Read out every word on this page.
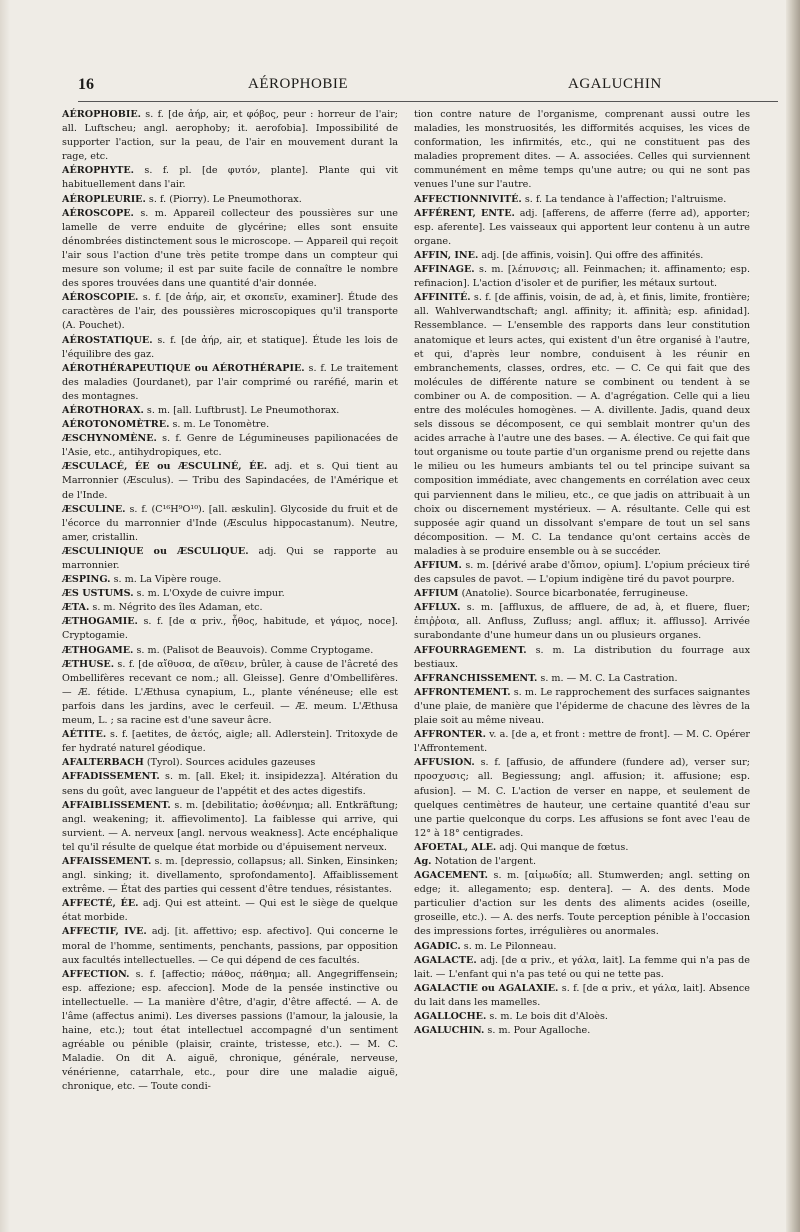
16	AÉROPHOBIE	AGALUCHIN

AÉROPHOBIE. s. f. [de ἀήρ, air, et φόβος, peur : horreur de l'air; all. Luftscheu; angl. aerophoby; it. aerofobia]. Impossibilité de supporter l'action, sur la peau, de l'air en mouvement durant la rage, etc.

AÉROPHYTE. s. f. pl. [de φυτόν, plante]. Plante qui vit habituellement dans l'air.

AÉROPLEURIE. s. f. (Piorry). Le Pneumothorax.

AÉROSCOPE. s. m. Appareil collecteur des poussières sur une lamelle de verre enduite de glycérine; elles sont ensuite dénombrées distinctement sous le microscope. — Appareil qui reçoit l'air sous l'action d'une très petite trompe dans un compteur qui mesure son volume; il est par suite facile de connaître le nombre des spores trouvées dans une quantité d'air donnée.

AÉROSCOPIE. s. f. [de ἀήρ, air, et σκοπεῖν, examiner]. Étude des caractères de l'air, des poussières microscopiques qu'il transporte (A. Pouchet).

AÉROSTATIQUE. s. f. [de ἀήρ, air, et statique]. Étude les lois de l'équilibre des gaz.

AÉROTHÉRAPEUTIQUE ou AÉROTHÉRAPIE. s. f. Le traitement des maladies (Jourdanet), par l'air comprimé ou raréfié, marin et des montagnes.

AÉROTHORAX. s. m. [all. Luftbrust]. Le Pneumothorax.

AÉROTONOMÈTRE. s. m. Le Tonomètre.

ÆSCHYNOMÈNE. s. f. Genre de Légumineuses papilionacées de l'Asie, etc., antihydropiques, etc.

ÆSCULACÉ, ÉE ou ÆSCULINÉ, ÉE. adj. et s. Qui tient au Marronnier (Æsculus). — Tribu des Sapindacées, de l'Amérique et de l'Inde.

ÆSCULINE. s. f. (C¹⁶H⁹O¹⁰). [all. æskulin]. Glycoside du fruit et de l'écorce du marronnier d'Inde (Æsculus hippocastanum). Neutre, amer, cristallin.

ÆSCULINIQUE ou ÆSCULIQUE. adj. Qui se rapporte au marronnier.

ÆSPING. s. m. La Vipère rouge.

ÆS USTUMS. s. m. L'Oxyde de cuivre impur.

ÆTA. s. m. Négrito des îles Adaman, etc.

ÆTHOGAMIE. s. f. [de α priv., ἦθος, habitude, et γάμος, noce]. Cryptogamie.

ÆTHOGAME. s. m. (Palisot de Beauvois). Comme Cryptogame.

ÆTHUSE. s. f. [de αἴθυσα, de αἴθειν, brûler, à cause de l'âcreté des Ombellifères recevant ce nom.; all. Gleisse]. Genre d'Ombellifères. — Æ. fétide. L'Æthusa cynapium, L., plante vénéneuse; elle est parfois dans les jardins, avec le cerfeuil. — Æ. meum. L'Æthusa meum, L. ; sa racine est d'une saveur âcre.

AÉTITE. s. f. [aetites, de ἀετός, aigle; all. Adlerstein]. Tritoxyde de fer hydraté naturel géodique.

AFALTERBACH (Tyrol). Sources acidules gazeuses

AFFADISSEMENT. s. m. [all. Ekel; it. insipidezza]. Altération du sens du goût, avec langueur de l'appétit et des actes digestifs.

AFFAIBLISSEMENT. s. m. [debilitatio; ἀσθένημα; all. Entkräftung; angl. weakening; it. affievolimento]. La faiblesse qui arrive, qui survient. — A. nerveux [angl. nervous weakness]. Acte encéphalique tel qu'il résulte de quelque état morbide ou d'épuisement nerveux.

AFFAISSEMENT. s. m. [depressio, collapsus; all. Sinken, Einsinken; angl. sinking; it. divellamento, sprofondamento]. Affaiblissement extrême. — État des parties qui cessent d'être tendues, résistantes.

AFFECTÉ, ÉE. adj. Qui est atteint. — Qui est le siège de quelque état morbide.

AFFECTIF, IVE. adj. [it. affettivo; esp. afectivo]. Qui concerne le moral de l'homme, sentiments, penchants, passions, par opposition aux facultés intellectuelles. — Ce qui dépend de ces facultés.

AFFECTION. s. f. [affectio; πάθος, πάθημα; all. Angegriffensein; esp. affezione; esp. afeccion]. Mode de la pensée instinctive ou intellectuelle. — La manière d'être, d'agir, d'être affecté. — A. de l'âme (affectus animi). Les diverses passions (l'amour, la jalousie, la haine, etc.); tout état intellectuel accompagné d'un sentiment agréable ou pénible (plaisir, crainte, tristesse, etc.). — M. C. Maladie. On dit A. aiguë, chronique, générale, nerveuse, vénérienne, catarrhale, etc., pour dire une maladie aiguë, chronique, etc. — Toute condi-

tion contre nature de l'organisme, comprenant aussi outre les maladies, les monstruosités, les difformités acquises, les vices de conformation, les infirmités, etc., qui ne constituent pas des maladies proprement dites. — A. associées. Celles qui surviennent communément en même temps qu'une autre; ou qui ne sont pas venues l'une sur l'autre.

AFFECTIONNIVITÉ. s. f. La tendance à l'affection; l'altruisme.

AFFÉRENT, ENTE. adj. [afferens, de afferre (ferre ad), apporter; esp. aferente]. Les vaisseaux qui apportent leur contenu à un autre organe.

AFFIN, INE. adj. [de affinis, voisin]. Qui offre des affinités.

AFFINAGE. s. m. [λέπυνσις; all. Feinmachen; it. affinamento; esp. refinacion]. L'action d'isoler et de purifier, les métaux surtout.

AFFINITÉ. s. f. [de affinis, voisin, de ad, à, et finis, limite, frontière; all. Wahlverwandtschaft; angl. affinity; it. affinità; esp. afinidad]. Ressemblance. — L'ensemble des rapports dans leur constitution anatomique et leurs actes, qui existent d'un être organisé à l'autre, et qui, d'après leur nombre, conduisent à les réunir en embranchements, classes, ordres, etc. — C. Ce qui fait que des molécules de différente nature se combinent ou tendent à se combiner ou A. de composition. — A. d'agrégation. Celle qui a lieu entre des molécules homogènes. — A. divillente. Jadis, quand deux sels dissous se décomposent, ce qui semblait montrer qu'un des acides arrache à l'autre une des bases. — A. élective. Ce qui fait que tout organisme ou toute partie d'un organisme prend ou rejette dans le milieu ou les humeurs ambiants tel ou tel principe suivant sa composition immédiate, avec changements en corrélation avec ceux qui parviennent dans le milieu, etc., ce que jadis on attribuait à un choix ou discernement mystérieux. — A. résultante. Celle qui est supposée agir quand un dissolvant s'empare de tout un sel sans décomposition. — M. C. La tendance qu'ont certains accès de maladies à se produire ensemble ou à se succéder.

AFFIUM. s. m. [dérivé arabe d'ὄπιον, opium]. L'opium précieux tiré des capsules de pavot. — L'opium indigène tiré du pavot pourpre.

AFFIUM (Anatolie). Source bicarbonatée, ferrugineuse.

AFFLUX. s. m. [affluxus, de affluere, de ad, à, et fluere, fluer; ἐπιῤῥοια, all. Anfluss, Zufluss; angl. afflux; it. afflusso]. Arrivée surabondante d'une humeur dans un ou plusieurs organes.

AFFOURRAGEMENT. s. m. La distribution du fourrage aux bestiaux.

AFFRANCHISSEMENT. s. m. — M. C. La Castration.

AFFRONTEMENT. s. m. Le rapprochement des surfaces saignantes d'une plaie, de manière que l'épiderme de chacune des lèvres de la plaie soit au même niveau.

AFFRONTER. v. a. [de a, et front : mettre de front]. — M. C. Opérer l'Affrontement.

AFFUSION. s. f. [affusio, de affundere (fundere ad), verser sur; προσχυσις; all. Begiessung; angl. affusion; it. affusione; esp. afusion]. — M. C. L'action de verser en nappe, et seulement de quelques centimètres de hauteur, une certaine quantité d'eau sur une partie quelconque du corps. Les affusions se font avec l'eau de 12° à 18° centigrades.

AFOETAL, ALE. adj. Qui manque de fœtus.

Ag. Notation de l'argent.

AGACEMENT. s. m. [αἱμωδία; all. Stumwerden; angl. setting on edge; it. allegamento; esp. dentera]. — A. des dents. Mode particulier d'action sur les dents des aliments acides (oseille, groseille, etc.). — A. des nerfs. Toute perception pénible à l'occasion des impressions fortes, irrégulières ou anormales.

AGADIC. s. m. Le Pilonneau.

AGALACTE. adj. [de α priv., et γάλα, lait]. La femme qui n'a pas de lait. — L'enfant qui n'a pas teté ou qui ne tette pas.

AGALACTIE ou AGALAXIE. s. f. [de α priv., et γάλα, lait]. Absence du lait dans les mamelles.

AGALLOCHE. s. m. Le bois dit d'Aloès.

AGALUCHIN. s. m. Pour Agalloche.
